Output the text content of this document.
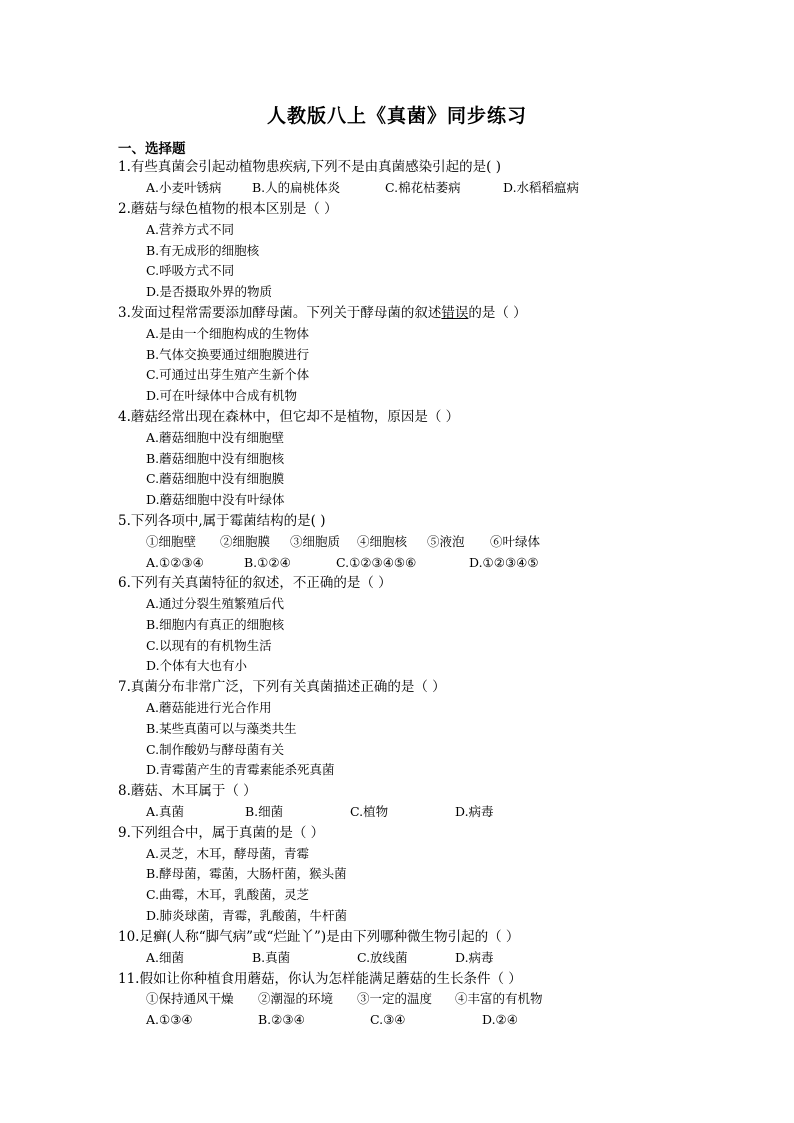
人教版八上《真菌》同步练习
一、选择题
1.有些真菌会引起动植物患疾病,下列不是由真菌感染引起的是( )
A.小麦叶锈病 B.人的扁桃体炎	C.棉花枯萎病	D.水稻稻瘟病
2.蘑菇与绿色植物的根本区别是（ ）
A.营养方式不同
B.有无成形的细胞核
C.呼吸方式不同
D.是否摄取外界的物质
3.发面过程常需要添加酵母菌。下列关于酵母菌的叙述错误的是（ ）
A.是由一个细胞构成的生物体
B.气体交换要通过细胞膜进行
C.可通过出芽生殖产生新个体
D.可在叶绿体中合成有机物
4.蘑菇经常出现在森林中，但它却不是植物，原因是（ ）
A.蘑菇细胞中没有细胞壁
B.蘑菇细胞中没有细胞核
C.蘑菇细胞中没有细胞膜
D.蘑菇细胞中没有叶绿体
5.下列各项中,属于霉菌结构的是( )
①细胞壁 ②细胞膜 ③细胞质 ④细胞核 ⑤液泡 ⑥叶绿体
A.①②③④	B.①②④	C.①②③④⑤⑥	D.①②③④⑤
6.下列有关真菌特征的叙述，不正确的是（ ）
A.通过分裂生殖繁殖后代
B.细胞内有真正的细胞核
C.以现有的有机物生活
D.个体有大也有小
7.真菌分布非常广泛，下列有关真菌描述正确的是（ ）
A.蘑菇能进行光合作用
B.某些真菌可以与藻类共生
C.制作酸奶与酵母菌有关
D.青霉菌产生的青霉素能杀死真菌
8.蘑菇、木耳属于（ ）
A.真菌	B.细菌	C.植物	D.病毒
9.下列组合中，属于真菌的是（ ）
A.灵芝，木耳，酵母菌，青霉
B.酵母菌，霉菌，大肠杆菌，猴头菌
C.曲霉，木耳，乳酸菌，灵芝
D.肺炎球菌，青霉，乳酸菌，牛杆菌
10.足癣(人称“脚气病”或“烂趾丫”)是由下列哪种微生物引起的（ ）
A.细菌	B.真菌	C.放线菌	D.病毒
11.假如让你种植食用蘑菇，你认为怎样能满足蘑菇的生长条件（ ）
①保持通风干燥 ②潮湿的环境 ③一定的温度 ④丰富的有机物
A.①③④	B.②③④	C.③④	D.②④
